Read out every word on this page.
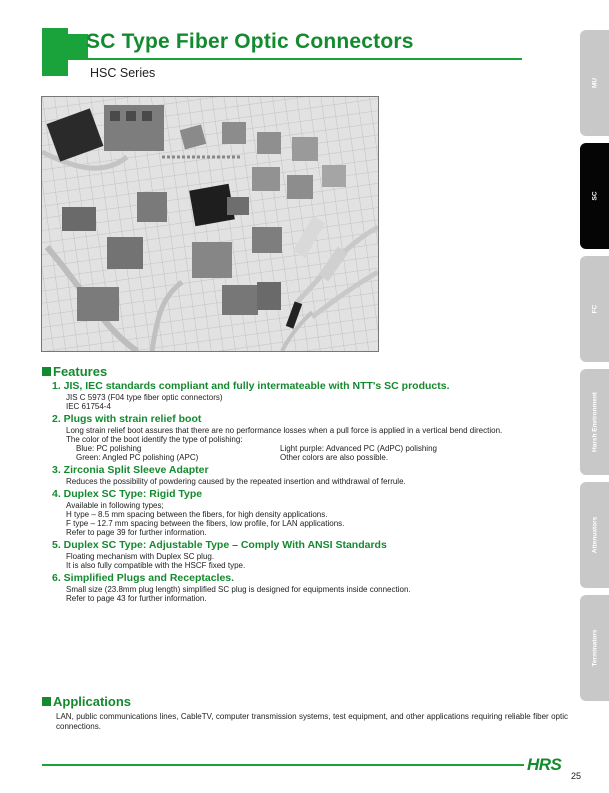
SC Type Fiber Optic Connectors
HSC Series
MU
SC
FC
Harsh Environment
Attenuators
Terminators
Features
1. JIS, IEC standards compliant and fully intermateable with NTT's SC products.
JIS C 5973 (F04 type fiber optic connectors)
IEC 61754-4
2. Plugs with strain relief boot
Long strain relief boot assures that there are no performance losses when a pull force is applied in a vertical bend direction.
The color of the boot identify the type of polishing:
Blue: PC polishing	Light purple: Advanced PC (AdPC) polishing
Green: Angled PC polishing (APC)	Other colors are also possible.
3. Zirconia Split Sleeve Adapter
Reduces the possibility of powdering caused by the repeated insertion and withdrawal of ferrule.
4. Duplex SC Type: Rigid Type
Available in following types;
H type – 8.5 mm spacing between the fibers, for high density applications.
F type – 12.7 mm spacing between the fibers, low profile, for LAN applications.
Refer to page 39 for further information.
5. Duplex SC Type: Adjustable Type – Comply With ANSI Standards
Floating mechanism with Duplex SC plug.
It is also fully compatible with the HSCF fixed type.
6. Simplified Plugs and Receptacles.
Small size (23.8mm plug length) simplified SC plug is designed for equipments inside connection.
Refer to page 43 for further information.
Applications
LAN, public communications lines, CableTV, computer transmission systems, test equipment, and other applications requiring reliable fiber optic connections.
HRS
25
